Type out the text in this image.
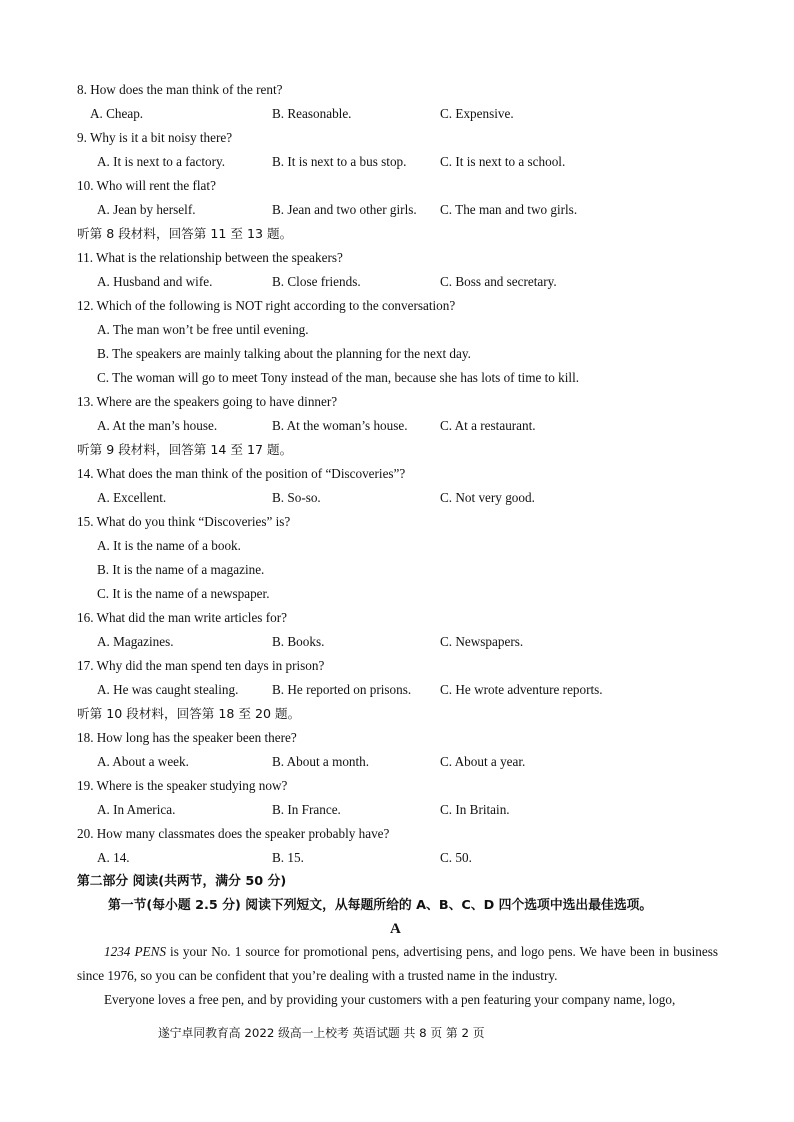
8. How does the man think of the rent?
A. Cheap.	B. Reasonable.	C. Expensive.
9. Why is it a bit noisy there?
A. It is next to a factory.	B. It is next to a bus stop.	C. It is next to a school.
10. Who will rent the flat?
A. Jean by herself.	B. Jean and two other girls. C. The man and two girls.
听第 8 段材料，回答第 11 至 13 题。
11. What is the relationship between the speakers?
A. Husband and wife.	B. Close friends.	C. Boss and secretary.
12. Which of the following is NOT right according to the conversation?
A. The man won’t be free until evening.
B. The speakers are mainly talking about the planning for the next day.
C. The woman will go to meet Tony instead of the man, because she has lots of time to kill.
13. Where are the speakers going to have dinner?
A. At the man’s house.	B. At the woman’s house. C. At a restaurant.
听第 9 段材料，回答第 14 至 17 题。
14. What does the man think of the position of “Discoveries”?
A. Excellent.	B. So-so.	C. Not very good.
15. What do you think “Discoveries” is?
A. It is the name of a book.
B. It is the name of a magazine.
C. It is the name of a newspaper.
16. What did the man write articles for?
A. Magazines.	B. Books.	C. Newspapers.
17. Why did the man spend ten days in prison?
A. He was caught stealing.	B. He reported on prisons. C. He wrote adventure reports.
听第 10 段材料，回答第 18 至 20 题。
18. How long has the speaker been there?
A. About a week.	B. About a month.	C. About a year.
19. Where is the speaker studying now?
A. In America.	B. In France.	C. In Britain.
20. How many classmates does the speaker probably have?
A. 14.	B. 15.	C. 50.
第二部分 阅读(共两节，满分 50 分)
第一节(每小题 2.5 分) 阅读下列短文，从每题所给的 A、B、C、D 四个选项中选出最佳选项。
A
1234 PENS is your No. 1 source for promotional pens, advertising pens, and logo pens. We have been in business since 1976, so you can be confident that you’re dealing with a trusted name in the industry.
Everyone loves a free pen, and by providing your customers with a pen featuring your company name, logo,
遂宁卓同教育高 2022 级高一上校考 英语试题 共 8 页 第 2 页
